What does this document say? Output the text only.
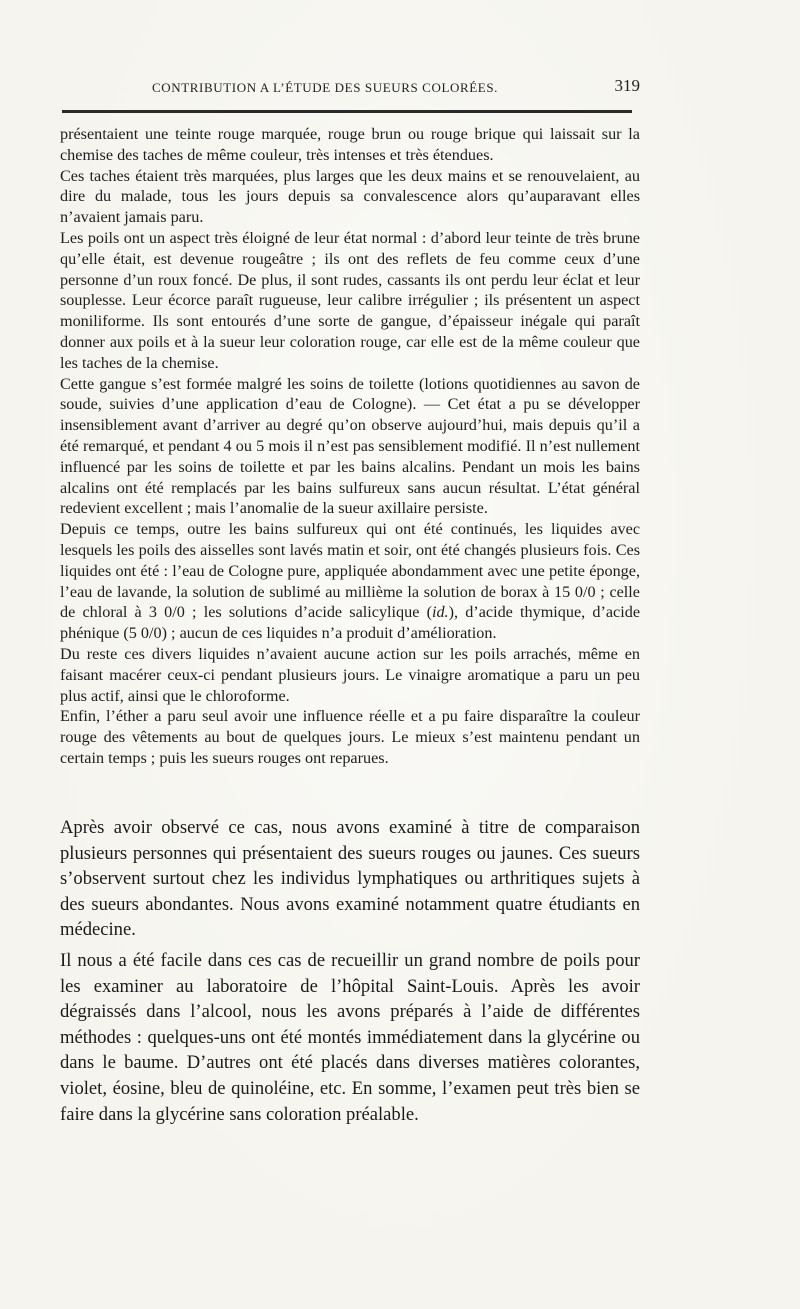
CONTRIBUTION A L’ÉTUDE DES SUEURS COLORÉES.	319

présentaient une teinte rouge marquée, rouge brun ou rouge brique qui laissait sur la chemise des taches de même couleur, très intenses et très étendues.

Ces taches étaient très marquées, plus larges que les deux mains et se renouvelaient, au dire du malade, tous les jours depuis sa convalescence alors qu’auparavant elles n’avaient jamais paru.

Les poils ont un aspect très éloigné de leur état normal : d’abord leur teinte de très brune qu’elle était, est devenue rougeâtre ; ils ont des reflets de feu comme ceux d’une personne d’un roux foncé. De plus, il sont rudes, cassants ils ont perdu leur éclat et leur souplesse. Leur écorce paraît rugueuse, leur calibre irrégulier ; ils présentent un aspect moniliforme. Ils sont entourés d’une sorte de gangue, d’épaisseur inégale qui paraît donner aux poils et à la sueur leur coloration rouge, car elle est de la même couleur que les taches de la chemise.

Cette gangue s’est formée malgré les soins de toilette (lotions quotidiennes au savon de soude, suivies d’une application d’eau de Cologne). — Cet état a pu se développer insensiblement avant d’arriver au degré qu’on observe aujourd’hui, mais depuis qu’il a été remarqué, et pendant 4 ou 5 mois il n’est pas sensiblement modifié. Il n’est nullement influencé par les soins de toilette et par les bains alcalins. Pendant un mois les bains alcalins ont été remplacés par les bains sulfureux sans aucun résultat. L’état général redevient excellent ; mais l’anomalie de la sueur axillaire persiste.

Depuis ce temps, outre les bains sulfureux qui ont été continués, les liquides avec lesquels les poils des aisselles sont lavés matin et soir, ont été changés plusieurs fois. Ces liquides ont été : l’eau de Cologne pure, appliquée abondamment avec une petite éponge, l’eau de lavande, la solution de sublimé au millième la solution de borax à 15 0/0 ; celle de chloral à 3 0/0 ; les solutions d’acide salicylique (id.), d’acide thymique, d’acide phénique (5 0/0) ; aucun de ces liquides n’a produit d’amélioration.

Du reste ces divers liquides n’avaient aucune action sur les poils arrachés, même en faisant macérer ceux-ci pendant plusieurs jours. Le vinaigre aromatique a paru un peu plus actif, ainsi que le chloroforme.

Enfin, l’éther a paru seul avoir une influence réelle et a pu faire disparaître la couleur rouge des vêtements au bout de quelques jours. Le mieux s’est maintenu pendant un certain temps ; puis les sueurs rouges ont reparues.

Après avoir observé ce cas, nous avons examiné à titre de comparaison plusieurs personnes qui présentaient des sueurs rouges ou jaunes. Ces sueurs s’observent surtout chez les individus lymphatiques ou arthritiques sujets à des sueurs abondantes. Nous avons examiné notamment quatre étudiants en médecine.

Il nous a été facile dans ces cas de recueillir un grand nombre de poils pour les examiner au laboratoire de l’hôpital Saint-Louis. Après les avoir dégraissés dans l’alcool, nous les avons préparés à l’aide de différentes méthodes : quelques-uns ont été montés immédiatement dans la glycérine ou dans le baume. D’autres ont été placés dans diverses matières colorantes, violet, éosine, bleu de quinoléine, etc. En somme, l’examen peut très bien se faire dans la glycérine sans coloration préalable.
